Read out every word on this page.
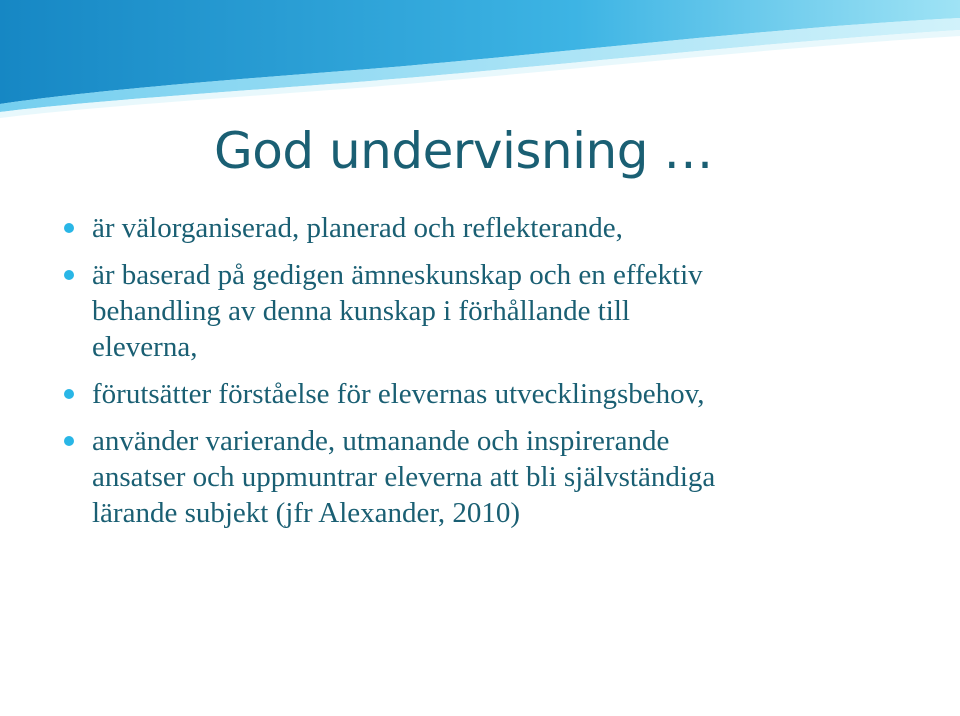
God undervisning …
är välorganiserad, planerad och reflekterande,
är baserad på gedigen ämneskunskap och en effektiv
behandling av denna kunskap i förhållande till
eleverna,
förutsätter förståelse för elevernas utvecklingsbehov,
använder varierande, utmanande och inspirerande
ansatser och uppmuntrar eleverna att bli självständiga
lärande subjekt (jfr Alexander, 2010)
